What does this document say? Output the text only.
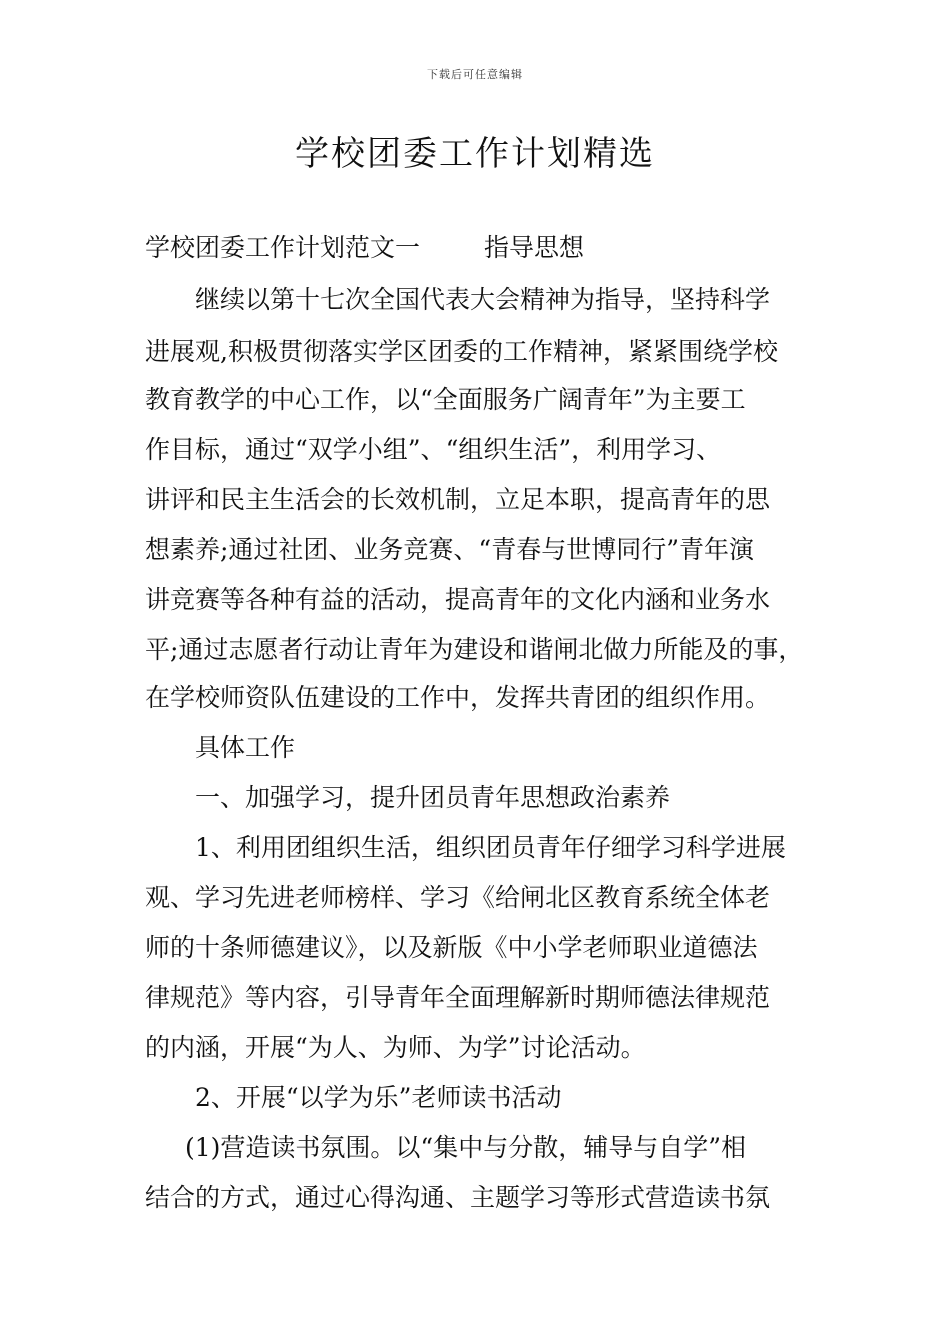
下载后可任意编辑
学校团委工作计划精选
学校团委工作计划范文一	指导思想
继续以第十七次全国代表大会精神为指导，坚持科学
进展观,积极贯彻落实学区团委的工作精神，紧紧围绕学校
教育教学的中心工作，以“全面服务广阔青年”为主要工
作目标，通过“双学小组”、“组织生活”，利用学习、
讲评和民主生活会的长效机制，立足本职，提高青年的思
想素养;通过社团、业务竞赛、“青春与世博同行”青年演
讲竞赛等各种有益的活动，提高青年的文化内涵和业务水
平;通过志愿者行动让青年为建设和谐闸北做力所能及的事，
在学校师资队伍建设的工作中，发挥共青团的组织作用。
具体工作
一、加强学习，提升团员青年思想政治素养
1、利用团组织生活，组织团员青年仔细学习科学进展
观、学习先进老师榜样、学习《给闸北区教育系统全体老
师的十条师德建议》，以及新版《中小学老师职业道德法
律规范》等内容，引导青年全面理解新时期师德法律规范
的内涵，开展“为人、为师、为学”讨论活动。
2、开展“以学为乐”老师读书活动
(1)营造读书氛围。以“集中与分散，辅导与自学”相
结合的方式，通过心得沟通、主题学习等形式营造读书氛
